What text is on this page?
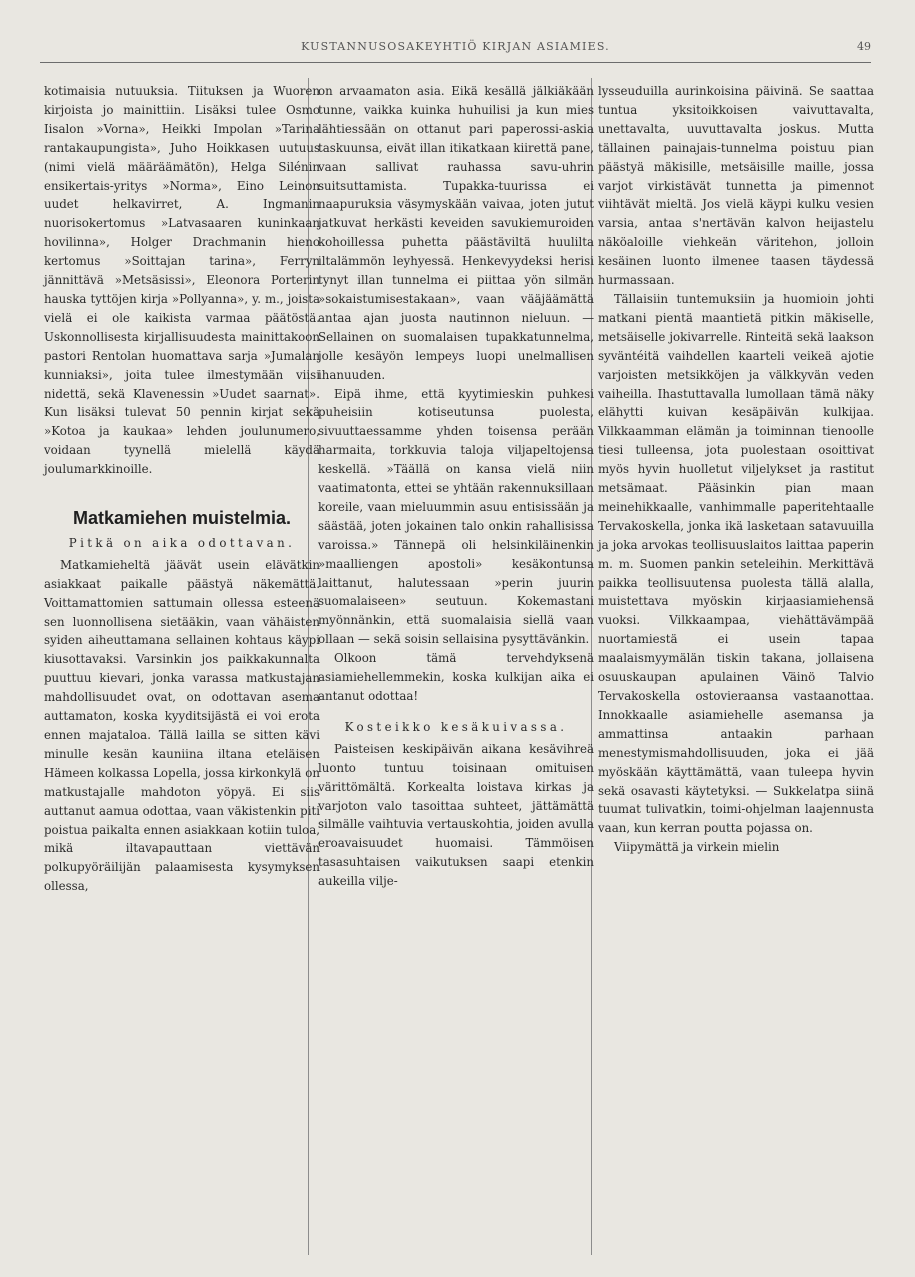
KUSTANNUSOSAKEYHTIÖ KIRJAN ASIAMIES.	49

kotimaisia nutuuksia. Tiituksen ja Wuoren kirjoista jo mainittiin. Lisäksi tulee Osmo Iisalon »Vorna», Heikki Impolan »Tarina rantakaupungista», Juho Hoikkasen uutuus (nimi vielä määräämätön), Helga Silénin ensikertais-yritys »Norma», Eino Leinon uudet helkavirret, A. Ingmanin nuorisokertomus »Latvasaaren kuninkaan hovilinna», Holger Drachmanin hieno kertomus »Soittajan tarina», Ferryn jännittävä »Metsäsissi», Eleonora Porterin hauska tyttöjen kirja »Pollyanna», y. m., joista vielä ei ole kaikista varmaa päätöstä. Uskonnollisesta kirjallisuudesta mainittakoon pastori Rentolan huomattava sarja »Jumalan kunniaksi», joita tulee ilmestymään viisi nidettä, sekä Klavenessin »Uudet saarnat». Kun lisäksi tulevat 50 pennin kirjat sekä »Kotoa ja kaukaa» lehden joulunumero, voidaan tyynellä mielellä käydä joulumarkkinoille.

Matkamiehen muistelmia.
Pitkä on aika odottavan.

Matkamieheltä jäävät usein elävätkin asiakkaat paikalle päästyä näkemättä. Voittamattomien sattumain ollessa esteenä sen luonnollisena sietääkin, vaan vähäisten syiden aiheuttamana sellainen kohtaus käypi kiusottavaksi. Varsinkin jos paikkakunnalta puuttuu kievari, jonka varassa matkustajan mahdollisuudet ovat, on odottavan asema auttamaton, koska kyyditsijästä ei voi erota ennen majataloa. Tällä lailla se sitten kävi minulle kesän kauniina iltana eteläisen Hämeen kolkassa Lopella, jossa kirkonkylä on matkustajalle mahdoton yöpyä. Ei siis auttanut aamua odottaa, vaan väkistenkin piti poistua paikalta ennen asiakkaan kotiin tuloa, mikä iltavapauttaan viettävän polkupyöräilijän palaamisesta kysymyksen ollessa,

on arvaamaton asia. Eikä kesällä jälkiäkään tunne, vaikka kuinka huhuilisi ja kun mies lähtiessään on ottanut pari paperossi-askia taskuunsa, eivät illan itikatkaan kiirettä pane, vaan sallivat rauhassa savu-uhrin suitsuttamista. Tupakka-tuurissa ei naapuruksia väsymyskään vaivaa, joten jutut jatkuvat herkästi keveiden savukiemuroiden kohoillessa puhetta päästäviltä huulilta iltalämmön leyhyessä. Henkevyydeksi herisi tynyt illan tunnelma ei piittaa yön silmän »sokaistumisestakaan», vaan vääjäämättä antaa ajan juosta nautinnon nieluun. — Sellainen on suomalaisen tupakkatunnelma, jolle kesäyön lempeys luopi unelmallisen ihanuuden.

Eipä ihme, että kyytimieskin puhkesi puheisiin kotiseutunsa puolesta, sivuuttaessamme yhden toisensa perään harmaita, torkkuvia taloja viljapeltojensa keskellä. »Täällä on kansa vielä niin vaatimatonta, ettei se yhtään rakennuksillaan koreile, vaan mieluummin asuu entisissään ja säästää, joten jokainen talo onkin rahallisissa varoissa.» Tännepä oli helsinkiläinenkin »maalliengen apostoli» kesäkontunsa laittanut, halutessaan »perin juurin suomalaiseen» seutuun. Kokemastani myönnänkin, että suomalaisia siellä vaan ollaan — sekä soisin sellaisina pysyttävänkin.

Olkoon tämä tervehdyksenä asiamiehellemmekin, koska kulkijan aika ei antanut odottaa!

Kosteikko kesäkuivassa.

Paisteisen keskipäivän aikana kesävihreä luonto tuntuu toisinaan omituisen värittömältä. Korkealta loistava kirkas ja varjoton valo tasoittaa suhteet, jättämättä silmälle vaihtuvia vertauskohtia, joiden avulla eroavaisuudet huomaisi. Tämmöisen tasasuhtaisen vaikutuksen saapi etenkin aukeilla vilje-

lysseuduilla aurinkoisina päivinä. Se saattaa tuntua yksitoikkoisen vaivuttavalta, unettavalta, uuvuttavalta joskus. Mutta tällainen painajais-tunnelma poistuu pian päästyä mäkisille, metsäisille maille, jossa varjot virkistävät tunnetta ja pimennot viihtävät mieltä. Jos vielä käypi kulku vesien varsia, antaa s'nertävän kalvon heijastelu näköaloille viehkeän väritehon, jolloin kesäinen luonto ilmenee taasen täydessä hurmassaan.

Tällaisiin tuntemuksiin ja huomioin johti matkani pientä maantietä pitkin mäkiselle, metsäiselle jokivarrelle. Rinteitä sekä laakson syväntéitä vaihdellen kaarteli veikeä ajotie varjoisten metsikköjen ja välkkyvän veden vaiheilla. Ihastuttavalla lumollaan tämä näky elähytti kuivan kesäpäivän kulkijaa. Vilkkaamman elämän ja toiminnan tienoolle tiesi tulleensa, jota puolestaan osoittivat myös hyvin huolletut viljelykset ja rastitut metsämaat. Pääsinkin pian maan meinehikkaalle, vanhimmalle paperitehtaalle Tervakoskella, jonka ikä lasketaan satavuuilla ja joka arvokas teollisuuslaitos laittaa paperin m. m. Suomen pankin seteleihin. Merkittävä paikka teollisuutensa puolesta tällä alalla, muistettava myöskin kirjaasiamiehensä vuoksi. Vilkkaampaa, viehättävämpää nuortamiestä ei usein tapaa maalaismyymälän tiskin takana, jollaisena osuuskaupan apulainen Väinö Talvio Tervakoskella ostovieraansa vastaanottaa. Innokkaalle asiamiehelle asemansa ja ammattinsa antaakin parhaan menestymismahdollisuuden, joka ei jää myöskään käyttämättä, vaan tuleepa hyvin sekä osavasti käytetyksi. — Sukkelatpa siinä tuumat tulivatkin, toimi-ohjelman laajennusta vaan, kun kerran poutta pojassa on.

Viipymättä ja virkein mielin
